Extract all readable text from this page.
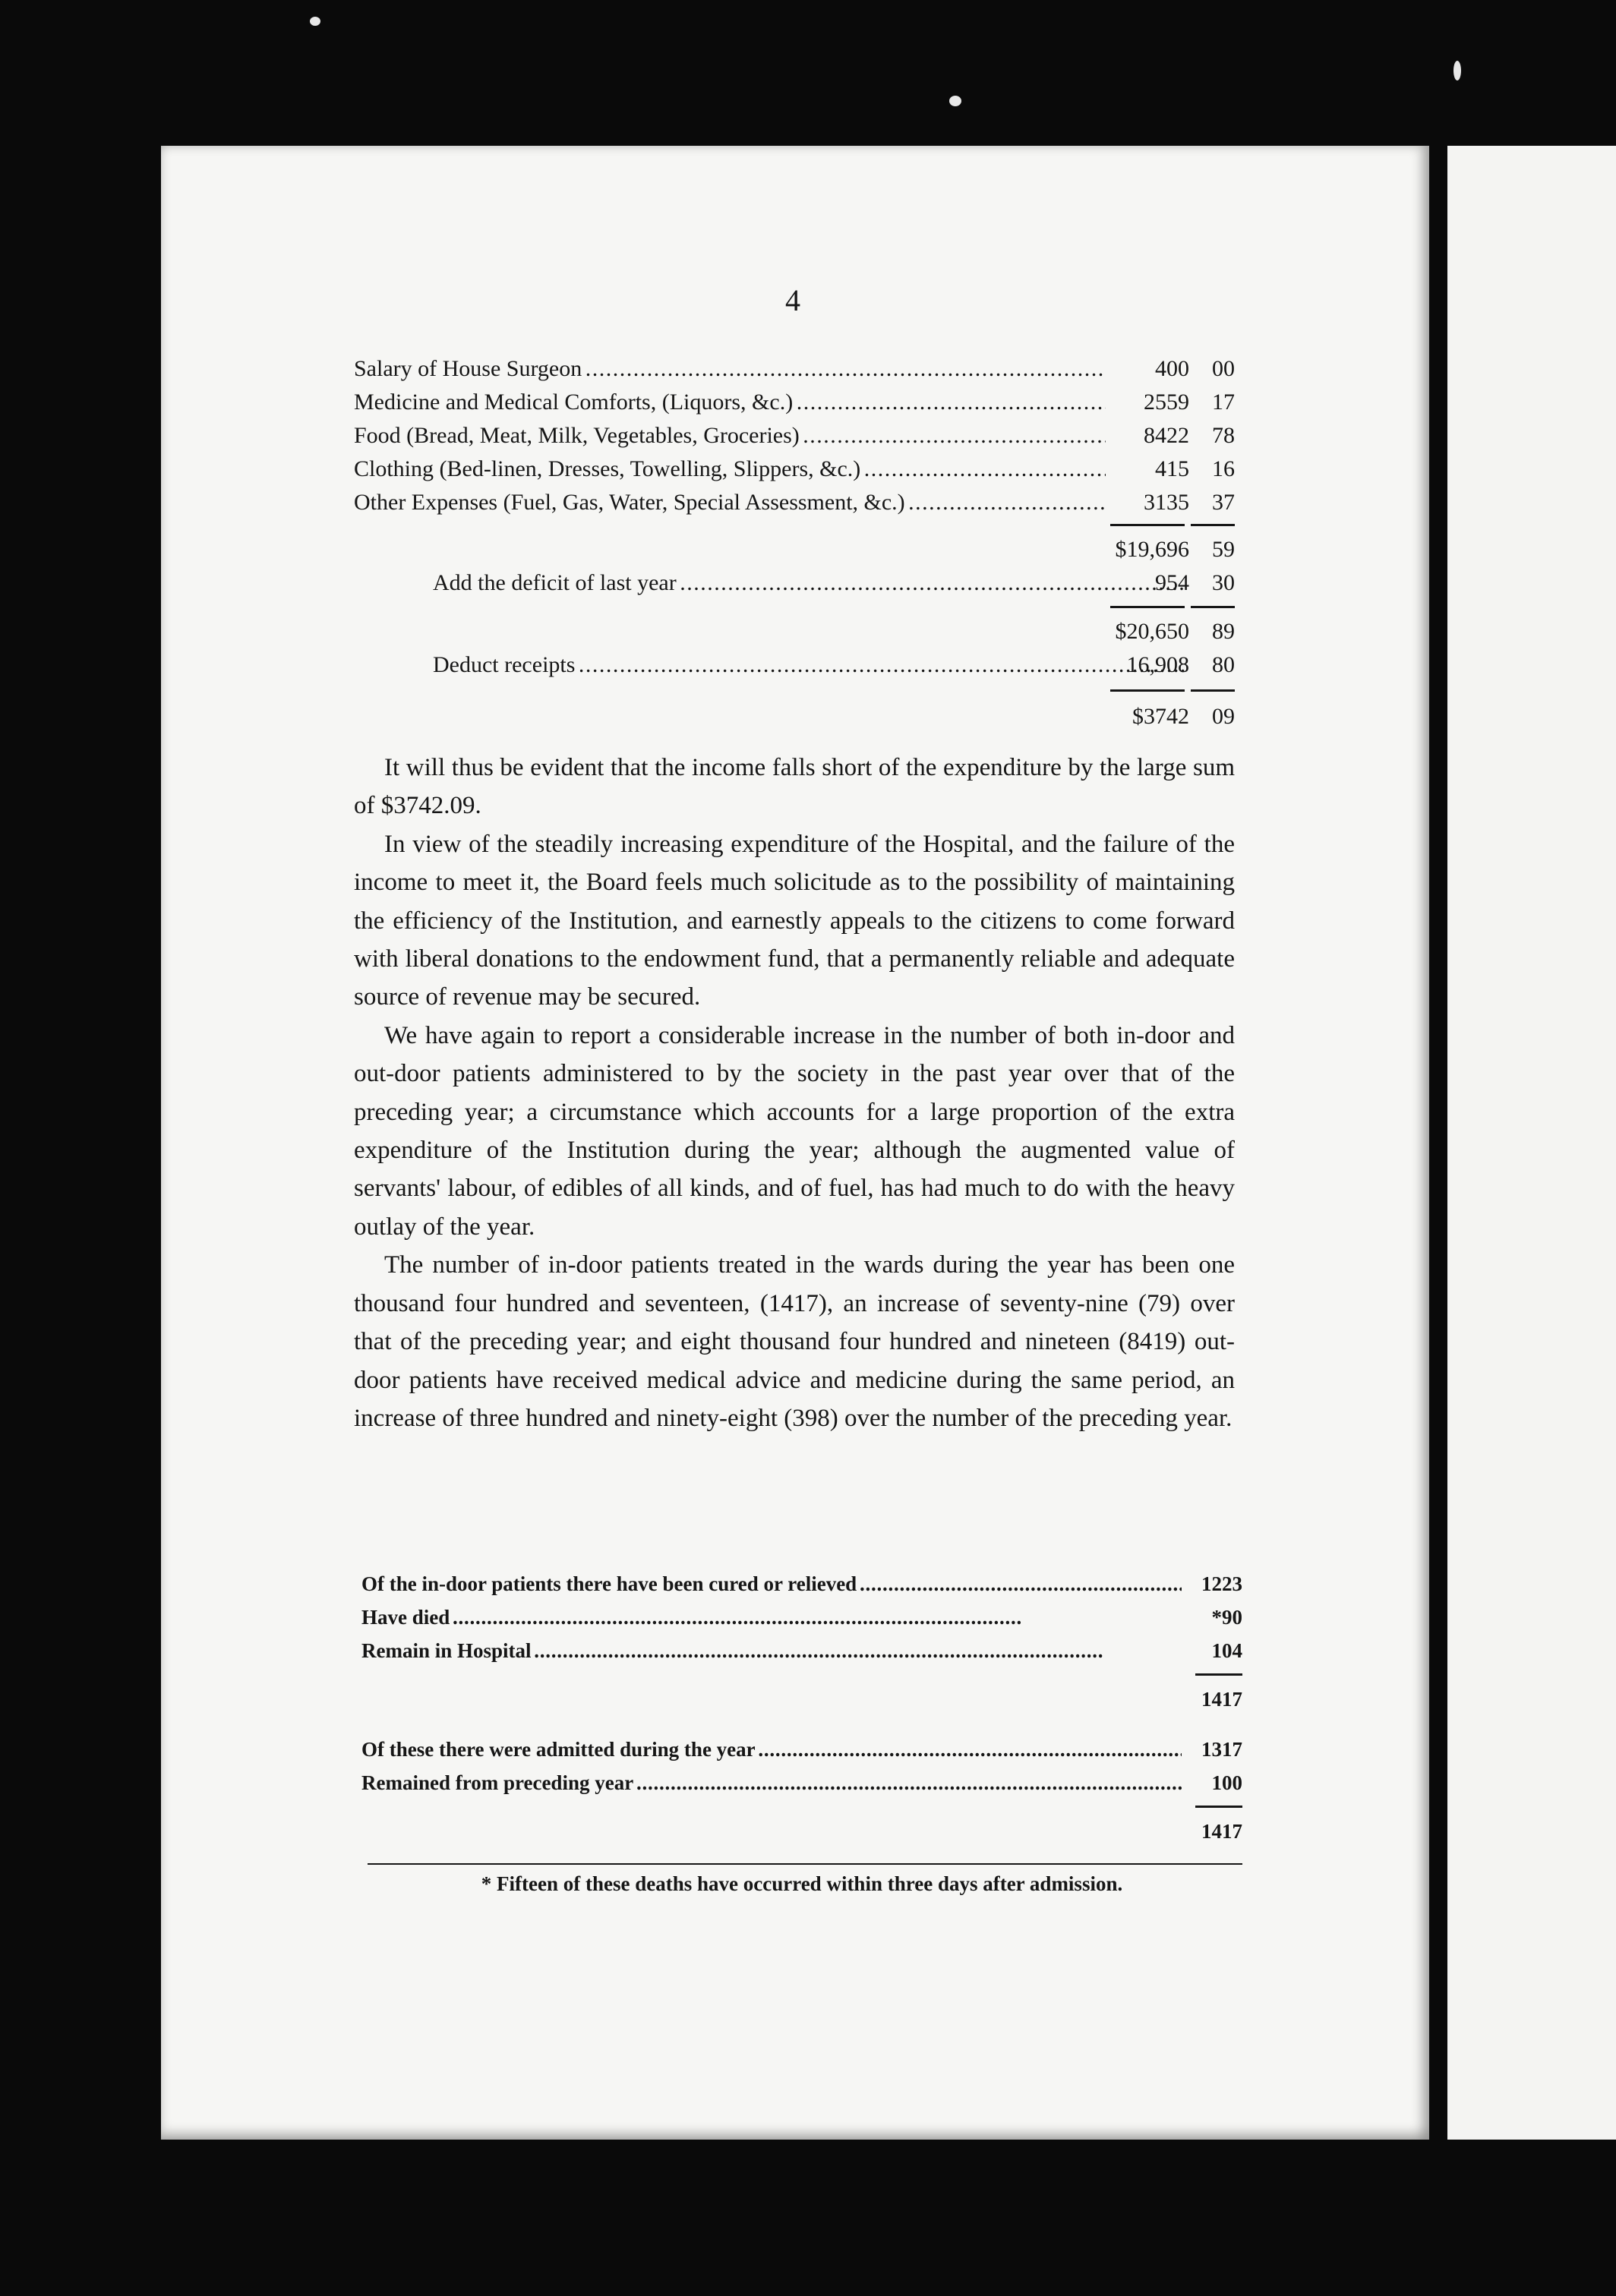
4
Salary of House Surgeon . . .	400	00
Medicine and Medical Comforts, (Liquors, &c.) . . .	2559	17
Food (Bread, Meat, Milk, Vegetables, Groceries) . . .	8422	78
Clothing (Bed-linen, Dresses, Towelling, Slippers, &c.) . . .	415	16
Other Expenses (Fuel, Gas, Water, Special Assessment, &c.) . . .	3135	37
$19,696	59
Add the deficit of last year . . .	954	30
$20,650	89
Deduct receipts . . .	16,908	80
$3742	09

It will thus be evident that the income falls short of the expenditure by the large sum of $3742.09.

In view of the steadily increasing expenditure of the Hospital, and the failure of the income to meet it, the Board feels much solicitude as to the possibility of maintaining the efficiency of the Institution, and earnestly appeals to the citizens to come forward with liberal donations to the endowment fund, that a permanently reliable and adequate source of revenue may be secured.

We have again to report a considerable increase in the number of both in-door and out-door patients administered to by the society in the past year over that of the preceding year; a circumstance which accounts for a large proportion of the extra expenditure of the Institution during the year; although the augmented value of servants' labour, of edibles of all kinds, and of fuel, has had much to do with the heavy outlay of the year.

The number of in-door patients treated in the wards during the year has been one thousand four hundred and seventeen, (1417), an increase of seventy-nine (79) over that of the preceding year; and eight thousand four hundred and nineteen (8419) out-door patients have received medical advice and medicine during the same period, an increase of three hundred and ninety-eight (398) over the number of the preceding year.

Of the in-door patients there have been cured or relieved . . .	1223
Have died . . .	*90
Remain in Hospital . . .	104
1417
Of these there were admitted during the year . . .	1317
Remained from preceding year . . .	100
1417
* Fifteen of these deaths have occurred within three days after admission.
